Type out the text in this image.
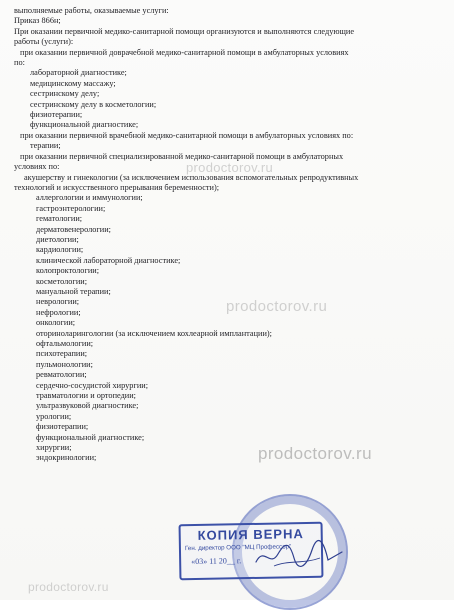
выполняемые работы, оказываемые услуги:
Приказ 866н;
При оказании первичной медико-санитарной помощи организуются и выполняются следующие
работы (услуги):
при оказании первичной доврачебной медико-санитарной помощи в амбулаторных условиях
по:
лабораторной диагностике;
медицинскому массажу;
сестринскому делу;
сестринскому делу в косметологии;
физиотерапии;
функциональной диагностике;
при оказании первичной врачебной медико-санитарной помощи в амбулаторных условиях по:
терапии;
при оказании первичной специализированной медико-санитарной помощи в амбулаторных
условиях по:
акушерству и гинекологии (за исключением использования вспомогательных репродуктивных
технологий и искусственного прерывания беременности);
аллергологии и иммунологии;
гастроэнтерологии;
гематологии;
дерматовенерологии;
диетологии;
кардиологии;
клинической лабораторной диагностике;
колопроктологии;
косметологии;
мануальной терапии;
неврологии;
нефрологии;
онкологии;
оториноларингологии (за исключением кохлеарной имплантации);
офтальмологии;
психотерапии;
пульмонологии;
ревматологии;
сердечно-сосудистой хирургии;
травматологии и ортопедии;
ультразвуковой диагностике;
урологии;
физиотерапии;
функциональной диагностике;
хирургии;
эндокринологии;
prodoctorov.ru
prodoctorov.ru
prodoctorov.ru
prodoctorov.ru
КОПИЯ ВЕРНА
Ген. директор ООО "МЦ Профессор"
«03» 11 20__ г.
